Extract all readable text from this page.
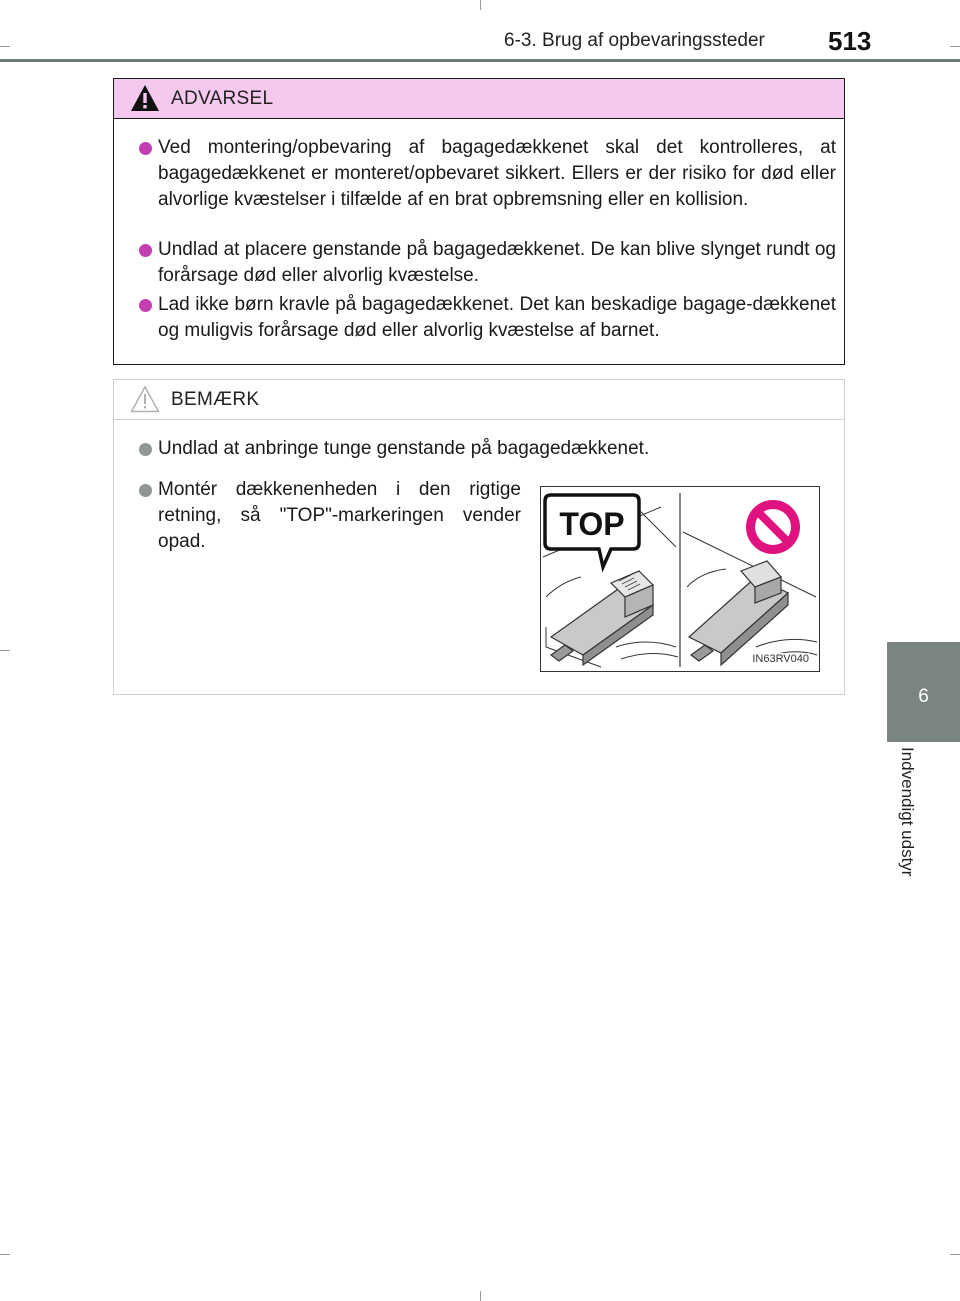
6-3. Brug af opbevaringssteder 513
6
Indvendigt udstyr
ADVARSEL
Ved montering/opbevaring af bagagedækkenet skal det kontrolleres, at bagagedækkenet er monteret/opbevaret sikkert. Ellers er der risiko for død eller alvorlige kvæstelser i tilfælde af en brat opbremsning eller en kollision.
Undlad at placere genstande på bagagedækkenet. De kan blive slynget rundt og forårsage død eller alvorlig kvæstelse.
Lad ikke børn kravle på bagagedækkenet. Det kan beskadige bagage-dækkenet og muligvis forårsage død eller alvorlig kvæstelse af barnet.
BEMÆRK
Undlad at anbringe tunge genstande på bagagedækkenet.
Montér dækkenenheden i den rigtige retning, så "TOP"-markeringen vender opad.	TOP
IN63RV040
